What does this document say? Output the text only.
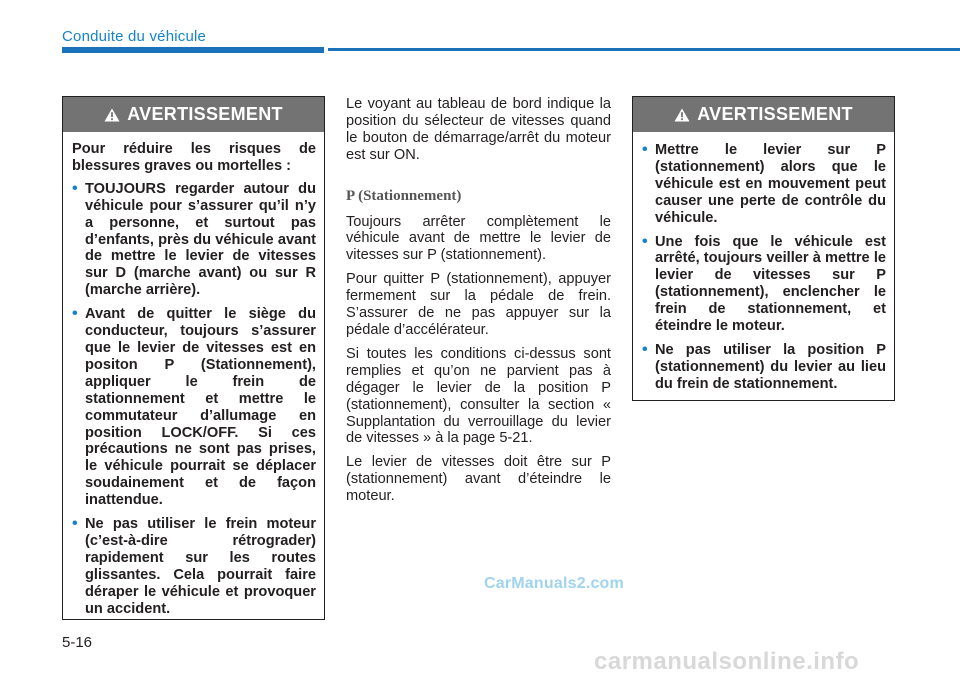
Conduite du véhicule
AVERTISSEMENT

Pour réduire les risques de blessures graves ou mortelles :

• TOUJOURS regarder autour du véhicule pour s’assurer qu’il n’y a personne, et surtout pas d’enfants, près du véhicule avant de mettre le levier de vitesses sur D (marche avant) ou sur R (marche arrière).
• Avant de quitter le siège du conducteur, toujours s’assurer que le levier de vitesses est en positon P (Stationnement), appliquer le frein de stationnement et mettre le commutateur d’allumage en position LOCK/OFF. Si ces précautions ne sont pas prises, le véhicule pourrait se déplacer soudainement et de façon inattendue.
• Ne pas utiliser le frein moteur (c’est-à-dire rétrograder) rapidement sur les routes glissantes. Cela pourrait faire déraper le véhicule et provoquer un accident.

Le voyant au tableau de bord indique la position du sélecteur de vitesses quand le bouton de démarrage/arrêt du moteur est sur ON.

P (Stationnement)

Toujours arrêter complètement le véhicule avant de mettre le levier de vitesses sur P (stationnement).

Pour quitter P (stationnement), appuyer fermement sur la pédale de frein. S’assurer de ne pas appuyer sur la pédale d’accélérateur.

Si toutes les conditions ci-dessus sont remplies et qu’on ne parvient pas à dégager le levier de la position P (stationnement), consulter la section « Supplantation du verrouillage du levier de vitesses » à la page 5-21.

Le levier de vitesses doit être sur P (stationnement) avant d’éteindre le moteur.

AVERTISSEMENT
• Mettre le levier sur P (stationnement) alors que le véhicule est en mouvement peut causer une perte de contrôle du véhicule.
• Une fois que le véhicule est arrêté, toujours veiller à mettre le levier de vitesses sur P (stationnement), enclencher le frein de stationnement, et éteindre le moteur.
• Ne pas utiliser la position P (stationnement) du levier au lieu du frein de stationnement.
5-16
CarManuals2.com
carmanualsonline.info
